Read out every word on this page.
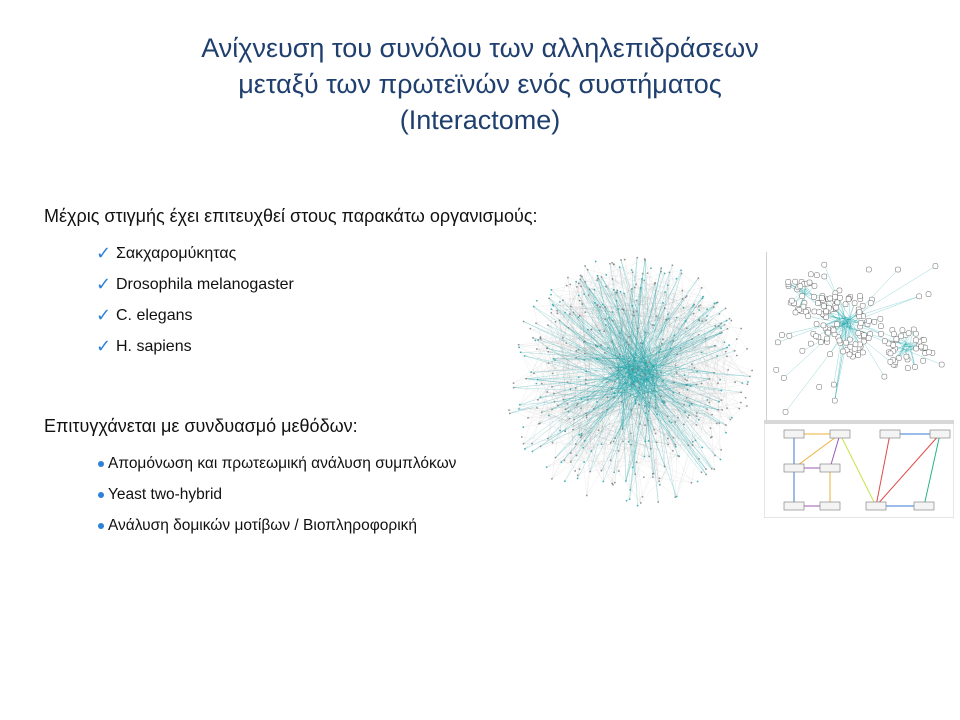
Ανίχνευση του συνόλου των αλληλεπιδράσεων
μεταξύ των πρωτεϊνών ενός συστήματος
(Interactome)
Μέχρις στιγμής έχει επιτευχθεί στους παρακάτω οργανισμούς:
✓ Σακχαρομύκητας
✓ Drosophila melanogaster
✓ C. elegans
✓ H. sapiens
Επιτυγχάνεται με συνδυασμό μεθόδων:
Απομόνωση και πρωτεωμική ανάλυση συμπλόκων
Yeast two-hybrid
Ανάλυση δομικών μοτίβων / Βιοπληροφορική
